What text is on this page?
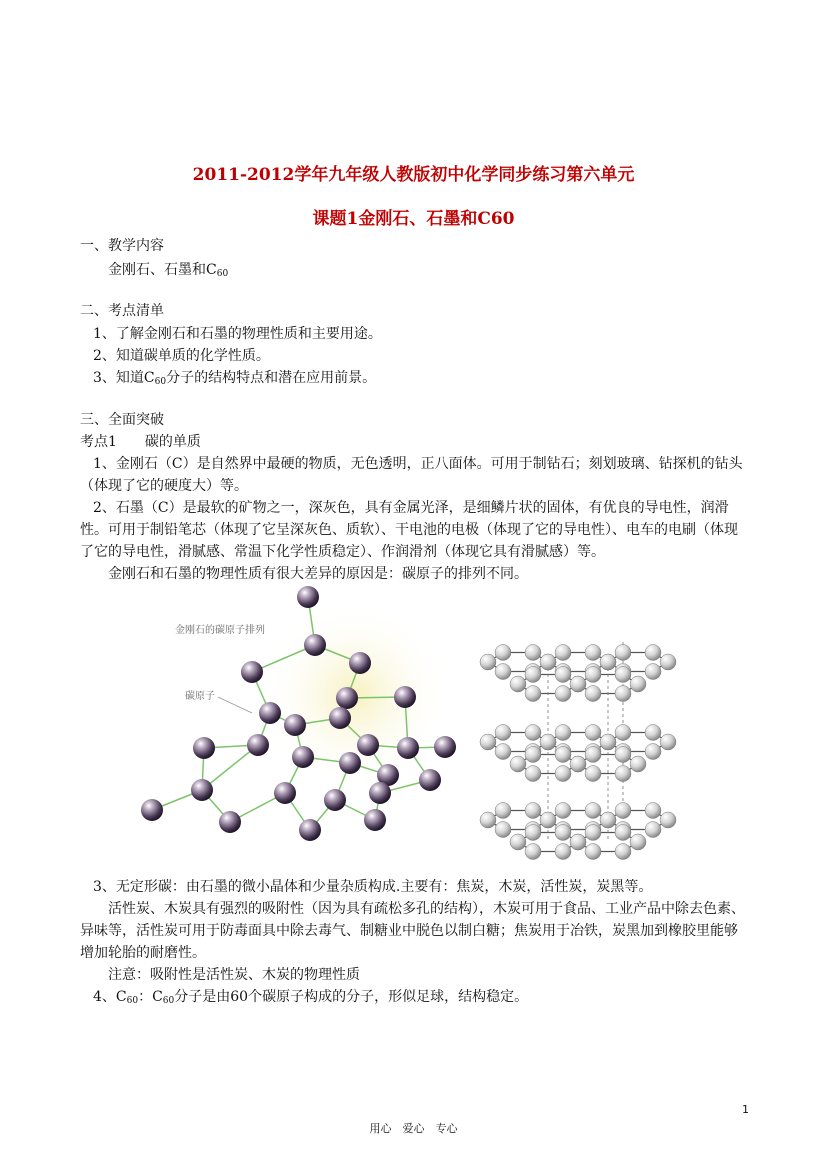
2011-2012学年九年级人教版初中化学同步练习第六单元
课题1金刚石、石墨和C60
一、教学内容
金刚石、石墨和$C_{60}$
二、考点清单
1、了解金刚石和石墨的物理性质和主要用途。
2、知道碳单质的化学性质。
3、知道$C_{60}$分子的结构特点和潜在应用前景。
三、全面突破
考点1　　碳的单质
1、金刚石（C）是自然界中最硬的物质，无色透明，正八面体。可用于制钻石；刻划玻璃、钻探机的钻头（体现了它的硬度大）等。
2、石墨（C）是最软的矿物之一，深灰色，具有金属光泽，是细鳞片状的固体，有优良的导电性，润滑性。可用于制铅笔芯（体现了它呈深灰色、质软）、干电池的电极（体现了它的导电性）、电车的电刷（体现了它的导电性，滑腻感、常温下化学性质稳定）、作润滑剂（体现它具有滑腻感）等。
金刚石和石墨的物理性质有很大差异的原因是：碳原子的排列不同。
金刚石的碳原子排列
碳原子
3、无定形碳：由石墨的微小晶体和少量杂质构成.主要有：焦炭，木炭，活性炭，炭黑等。
活性炭、木炭具有强烈的吸附性（因为具有疏松多孔的结构），木炭可用于食品、工业产品中除去色素、异味等，活性炭可用于防毒面具中除去毒气、制糖业中脱色以制白糖；焦炭用于冶铁，炭黑加到橡胶里能够增加轮胎的耐磨性。
注意：吸附性是活性炭、木炭的物理性质
4、$C_{60}$：$C_{60}$分子是由60个碳原子构成的分子，形似足球，结构稳定。
用心　爱心　专心
1
